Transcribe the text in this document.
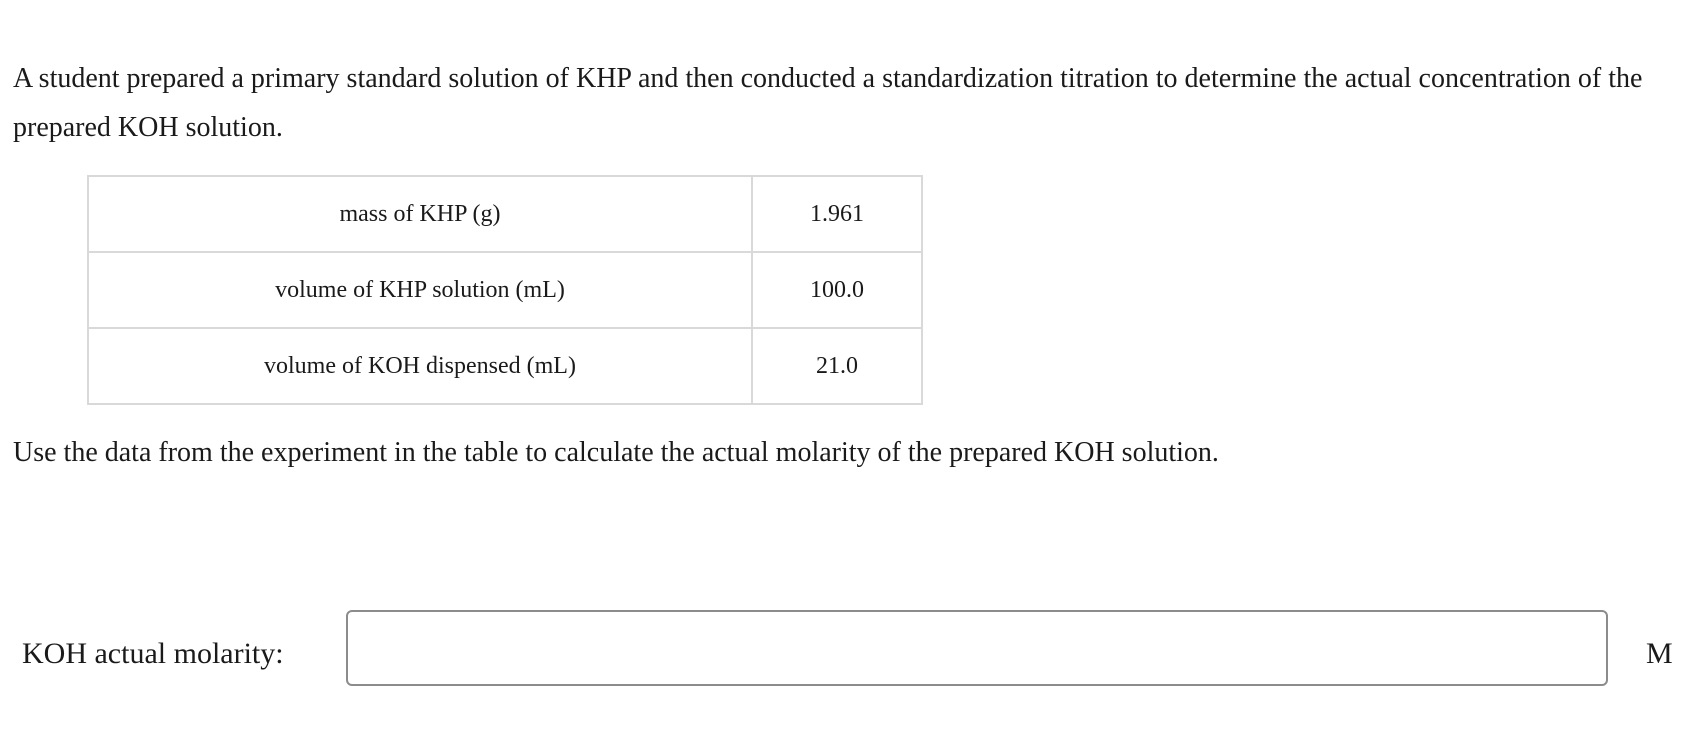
A student prepared a primary standard solution of KHP and then conducted a standardization titration to determine the actual concentration of the prepared KOH solution.

mass of KHP (g)	1.961
volume of KHP solution (mL)	100.0
volume of KOH dispensed (mL)	21.0

Use the data from the experiment in the table to calculate the actual molarity of the prepared KOH solution.

KOH actual molarity:	M
